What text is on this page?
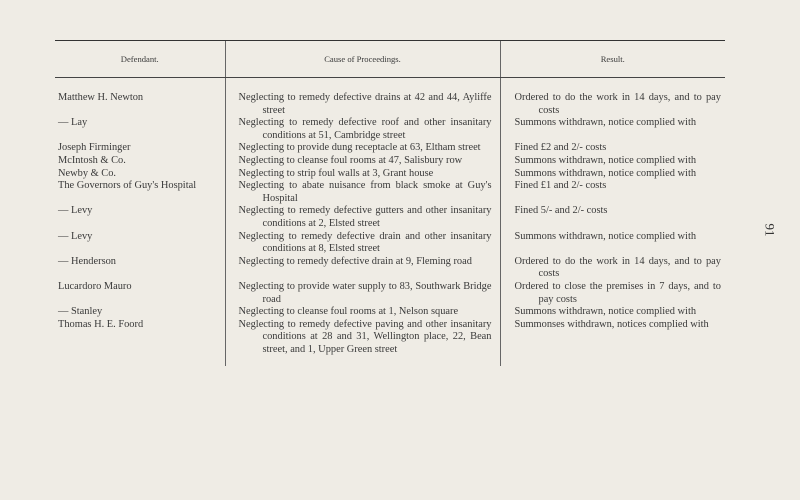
Defendant.	Cause of Proceedings.	Result.

Matthew H. Newton	Neglecting to remedy defective drains at 42 and 44, Ayliffe street	Ordered to do the work in 14 days, and to pay costs

— Lay	Neglecting to remedy defective roof and other insanitary conditions at 51, Cambridge street	Summons withdrawn, notice complied with

Joseph Firminger	Neglecting to provide dung receptacle at 63, Eltham street	Fined £2 and 2/- costs

McIntosh & Co.	Neglecting to cleanse foul rooms at 47, Salisbury row	Summons withdrawn, notice complied with

Newby & Co.	Neglecting to strip foul walls at 3, Grant house	Summons withdrawn, notice complied with

The Governors of Guy's Hospital	Neglecting to abate nuisance from black smoke at Guy's Hospital	Fined £1 and 2/- costs

— Levy	Neglecting to remedy defective gutters and other insanitary conditions at 2, Elsted street	Fined 5/- and 2/- costs

— Levy	Neglecting to remedy defective drain and other insanitary conditions at 8, Elsted street	Summons withdrawn, notice complied with

— Henderson	Neglecting to remedy defective drain at 9, Fleming road	Ordered to do the work in 14 days, and to pay costs

Lucardoro Mauro	Neglecting to provide water supply to 83, Southwark Bridge road	Ordered to close the premises in 7 days, and to pay costs

— Stanley	Neglecting to cleanse foul rooms at 1, Nelson square	Summons withdrawn, notice complied with

Thomas H. E. Foord	Neglecting to remedy defective paving and other insanitary conditions at 28 and 31, Wellington place, 22, Bean street, and 1, Upper Green street	Summonses withdrawn, notices complied with
91
